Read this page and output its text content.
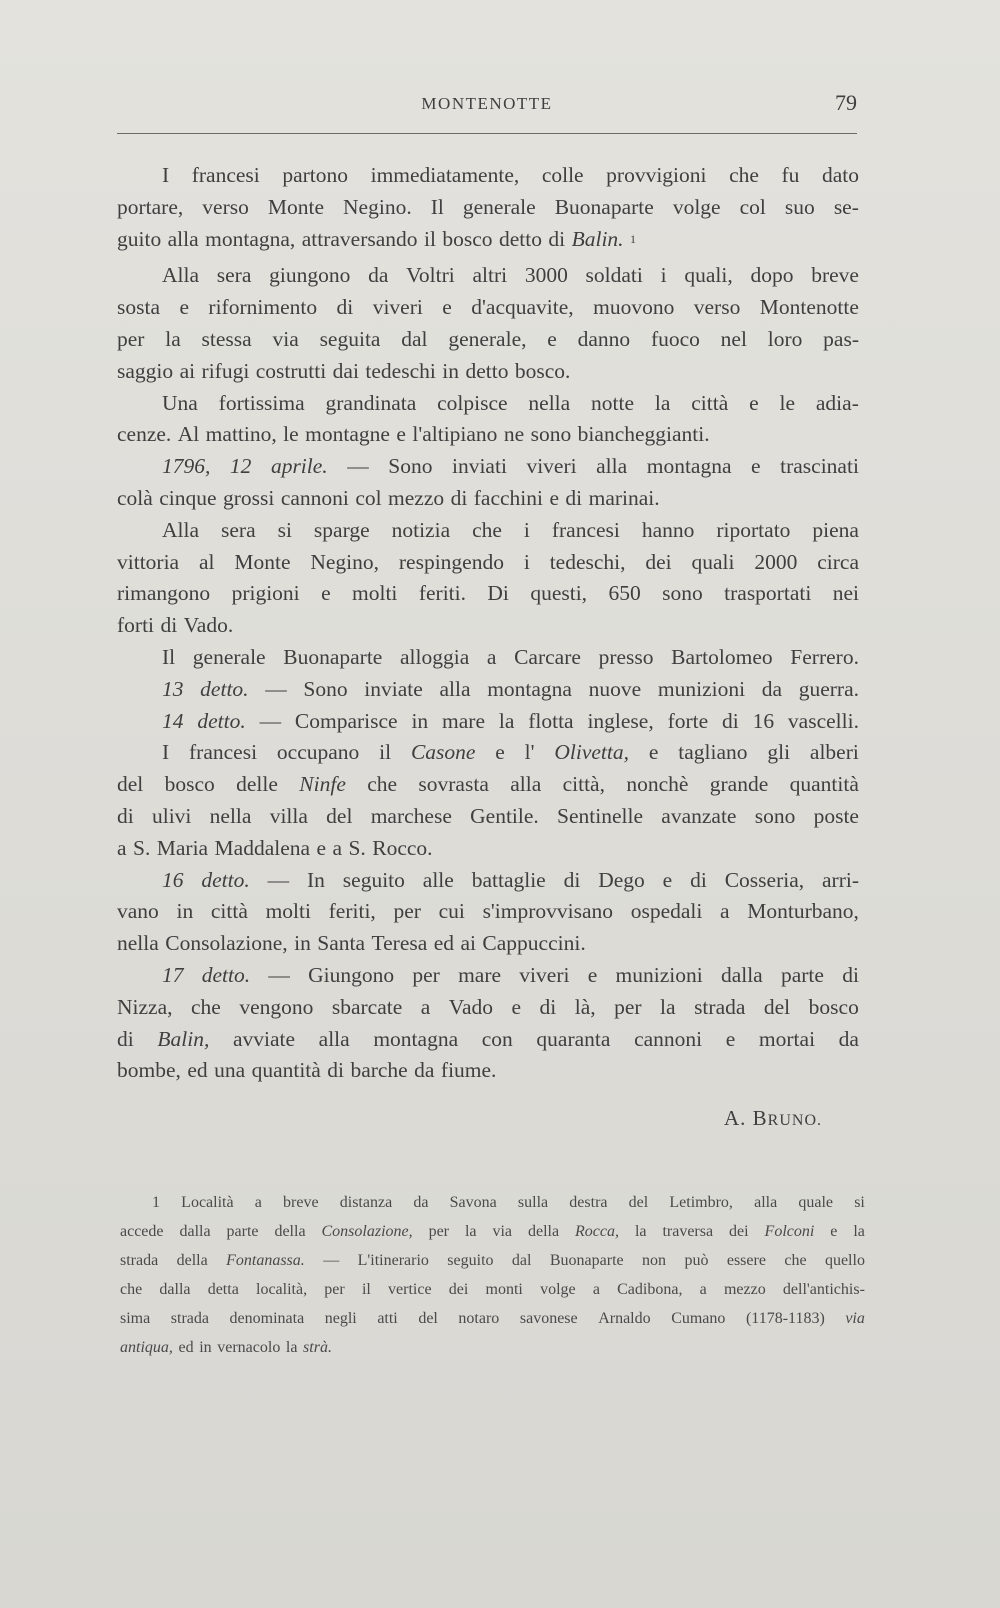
MONTENOTTE	79
I francesi partono immediatamente, colle provvigioni che fu dato
portare, verso Monte Negino. Il generale Buonaparte volge col suo se-
guito alla montagna, attraversando il bosco detto di Balin. $^1$
Alla sera giungono da Voltri altri 3000 soldati i quali, dopo breve
sosta e rifornimento di viveri e d'acquavite, muovono verso Montenotte
per la stessa via seguita dal generale, e danno fuoco nel loro pas-
saggio ai rifugi costrutti dai tedeschi in detto bosco.
Una fortissima grandinata colpisce nella notte la città e le adia-
cenze. Al mattino, le montagne e l'altipiano ne sono biancheggianti.
1796, 12 aprile. — Sono inviati viveri alla montagna e trascinati
colà cinque grossi cannoni col mezzo di facchini e di marinai.
Alla sera si sparge notizia che i francesi hanno riportato piena
vittoria al Monte Negino, respingendo i tedeschi, dei quali 2000 circa
rimangono prigioni e molti feriti. Di questi, 650 sono trasportati nei
forti di Vado.
Il generale Buonaparte alloggia a Carcare presso Bartolomeo Ferrero.
13 detto. — Sono inviate alla montagna nuove munizioni da guerra.
14 detto. — Comparisce in mare la flotta inglese, forte di 16 vascelli.
I francesi occupano il Casone e l' Olivetta, e tagliano gli alberi
del bosco delle Ninfe che sovrasta alla città, nonchè grande quantità
di ulivi nella villa del marchese Gentile. Sentinelle avanzate sono poste
a S. Maria Maddalena e a S. Rocco.
16 detto. — In seguito alle battaglie di Dego e di Cosseria, arri-
vano in città molti feriti, per cui s'improvvisano ospedali a Monturbano,
nella Consolazione, in Santa Teresa ed ai Cappuccini.
17 detto. — Giungono per mare viveri e munizioni dalla parte di
Nizza, che vengono sbarcate a Vado e di là, per la strada del bosco
di Balin, avviate alla montagna con quaranta cannoni e mortai da
bombe, ed una quantità di barche da fiume.
A. BRUNO.
1 Località a breve distanza da Savona sulla destra del Letimbro, alla quale si
accede dalla parte della Consolazione, per la via della Rocca, la traversa dei Folconi e la
strada della Fontanassa. — L'itinerario seguito dal Buonaparte non può essere che quello
che dalla detta località, per il vertice dei monti volge a Cadibona, a mezzo dell'antichis-
sima strada denominata negli atti del notaro savonese Arnaldo Cumano (1178-1183) via
antiqua, ed in vernacolo la strà.
